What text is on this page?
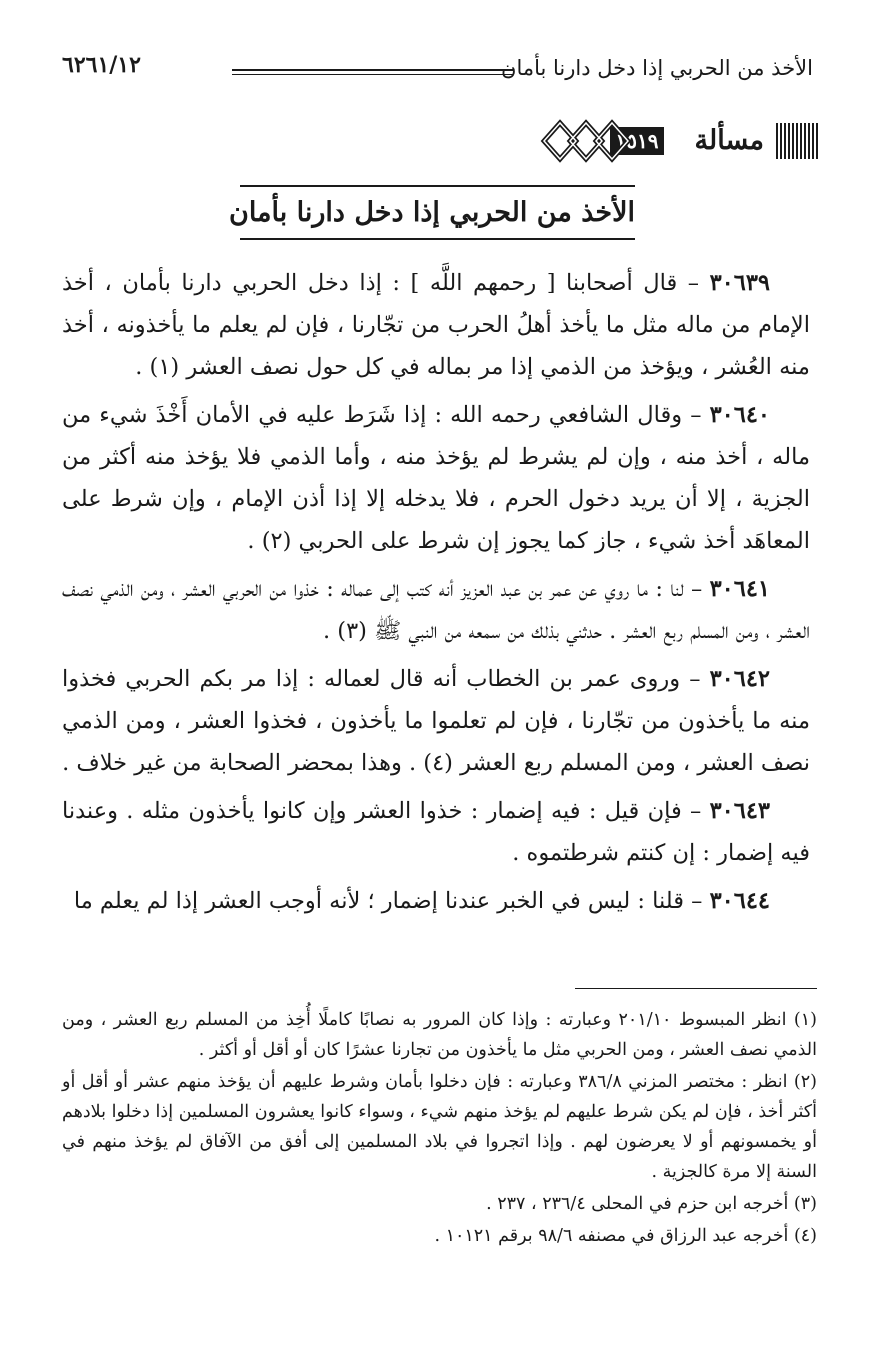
الأخذ من الحربي إذا دخل دارنا بأمان
٦٢٦١/١٢
مسألة
١٥١٩
الأخذ من الحربي إذا دخل دارنا بأمان

٣٠٦٣٩ – قال أصحابنا [ رحمهم اللَّه ] : إذا دخل الحربي دارنا بأمان ، أخذ الإمام من ماله مثل ما يأخذ أهلُ الحرب من تجّارنا ، فإن لم يعلم ما يأخذونه ، أخذ منه العُشر ، ويؤخذ من الذمي إذا مر بماله في كل حول نصف العشر (١) .

٣٠٦٤٠ – وقال الشافعي رحمه الله : إذا شَرَط عليه في الأمان أَخْذَ شيء من ماله ، أخذ منه ، وإن لم يشرط لم يؤخذ منه ، وأما الذمي فلا يؤخذ منه أكثر من الجزية ، إلا أن يريد دخول الحرم ، فلا يدخله إلا إذا أذن الإمام ، وإن شرط على المعاهَد أخذ شيء ، جاز كما يجوز إن شرط على الحربي (٢) .

٣٠٦٤١ – لنا : ما روي عن عمر بن عبد العزيز أنه كتب إلى عماله : خذوا من الحربي العشر ، ومن الذمي نصف العشر ، ومن المسلم ربع العشر . حدثني بذلك من سمعه من النبي ﷺ (٣) .

٣٠٦٤٢ – وروى عمر بن الخطاب أنه قال لعماله : إذا مر بكم الحربي فخذوا منه ما يأخذون من تجّارنا ، فإن لم تعلموا ما يأخذون ، فخذوا العشر ، ومن الذمي نصف العشر ، ومن المسلم ربع العشر (٤) . وهذا بمحضر الصحابة من غير خلاف .

٣٠٦٤٣ – فإن قيل : فيه إضمار : خذوا العشر وإن كانوا يأخذون مثله . وعندنا فيه إضمار : إن كنتم شرطتموه .

٣٠٦٤٤ – قلنا : ليس في الخبر عندنا إضمار ؛ لأنه أوجب العشر إذا لم يعلم ما

(١) انظر المبسوط ٢٠١/١٠ وعبارته : وإذا كان المرور به نصابًا كاملًا أُخِذ من المسلم ربع العشر ، ومن الذمي نصف العشر ، ومن الحربي مثل ما يأخذون من تجارنا عشرًا كان أو أقل أو أكثر .

(٢) انظر : مختصر المزني ٣٨٦/٨ وعبارته : فإن دخلوا بأمان وشرط عليهم أن يؤخذ منهم عشر أو أقل أو أكثر أخذ ، فإن لم يكن شرط عليهم لم يؤخذ منهم شيء ، وسواء كانوا يعشرون المسلمين إذا دخلوا بلادهم أو يخمسونهم أو لا يعرضون لهم . وإذا اتجروا في بلاد المسلمين إلى أفق من الآفاق لم يؤخذ منهم في السنة إلا مرة كالجزية .

(٣) أخرجه ابن حزم في المحلى ٢٣٦/٤ ، ٢٣٧ .

(٤) أخرجه عبد الرزاق في مصنفه ٩٨/٦ برقم ١٠١٢١ .
